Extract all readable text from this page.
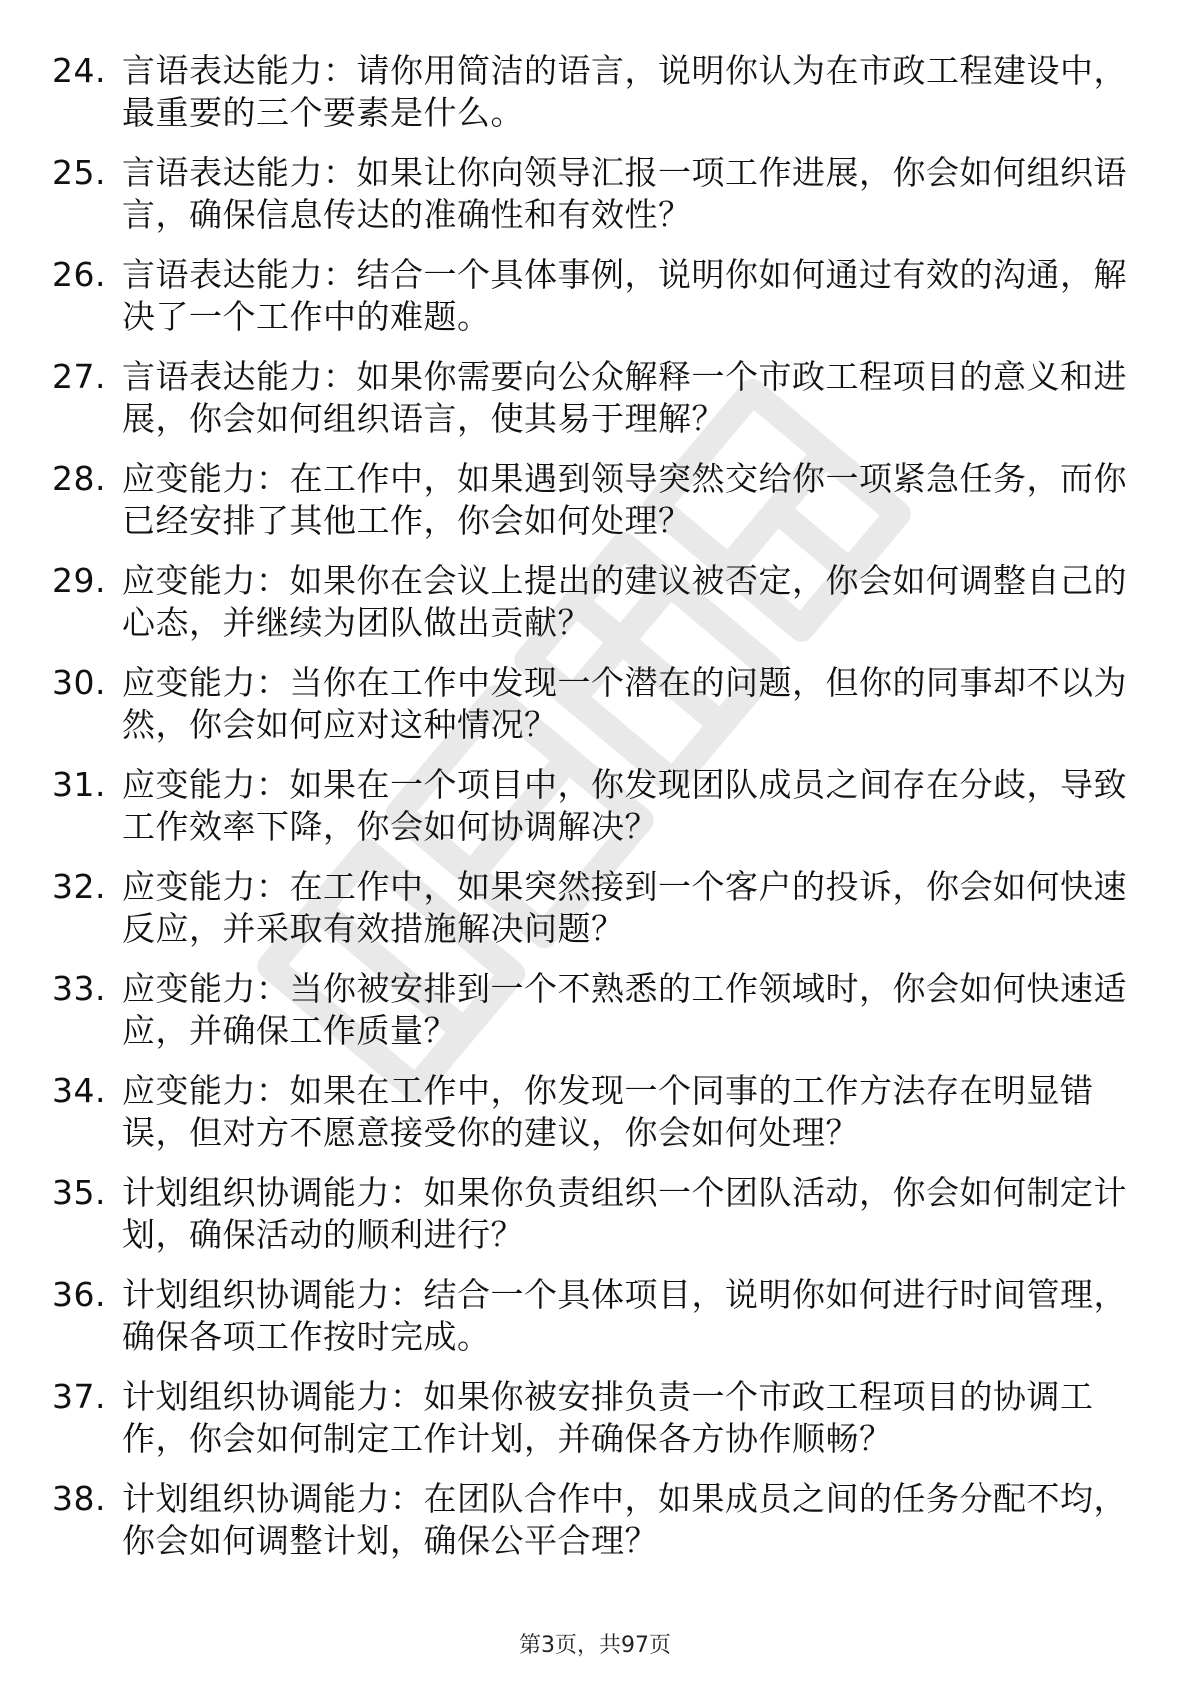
24. 言语表达能力：请你用简洁的语言，说明你认为在市政工程建设中，最重要的三个要素是什么。
25. 言语表达能力：如果让你向领导汇报一项工作进展，你会如何组织语言，确保信息传达的准确性和有效性？
26. 言语表达能力：结合一个具体事例，说明你如何通过有效的沟通，解决了一个工作中的难题。
27. 言语表达能力：如果你需要向公众解释一个市政工程项目的意义和进展，你会如何组织语言，使其易于理解？
28. 应变能力：在工作中，如果遇到领导突然交给你一项紧急任务，而你已经安排了其他工作，你会如何处理？
29. 应变能力：如果你在会议上提出的建议被否定，你会如何调整自己的心态，并继续为团队做出贡献？
30. 应变能力：当你在工作中发现一个潜在的问题，但你的同事却不以为然，你会如何应对这种情况？
31. 应变能力：如果在一个项目中，你发现团队成员之间存在分歧，导致工作效率下降，你会如何协调解决？
32. 应变能力：在工作中，如果突然接到一个客户的投诉，你会如何快速反应，并采取有效措施解决问题？
33. 应变能力：当你被安排到一个不熟悉的工作领域时，你会如何快速适应，并确保工作质量？
34. 应变能力：如果在工作中，你发现一个同事的工作方法存在明显错误，但对方不愿意接受你的建议，你会如何处理？
35. 计划组织协调能力：如果你负责组织一个团队活动，你会如何制定计划，确保活动的顺利进行？
36. 计划组织协调能力：结合一个具体项目，说明你如何进行时间管理，确保各项工作按时完成。
37. 计划组织协调能力：如果你被安排负责一个市政工程项目的协调工作，你会如何制定工作计划，并确保各方协作顺畅？
38. 计划组织协调能力：在团队合作中，如果成员之间的任务分配不均，你会如何调整计划，确保公平合理？
第3页，共97页
